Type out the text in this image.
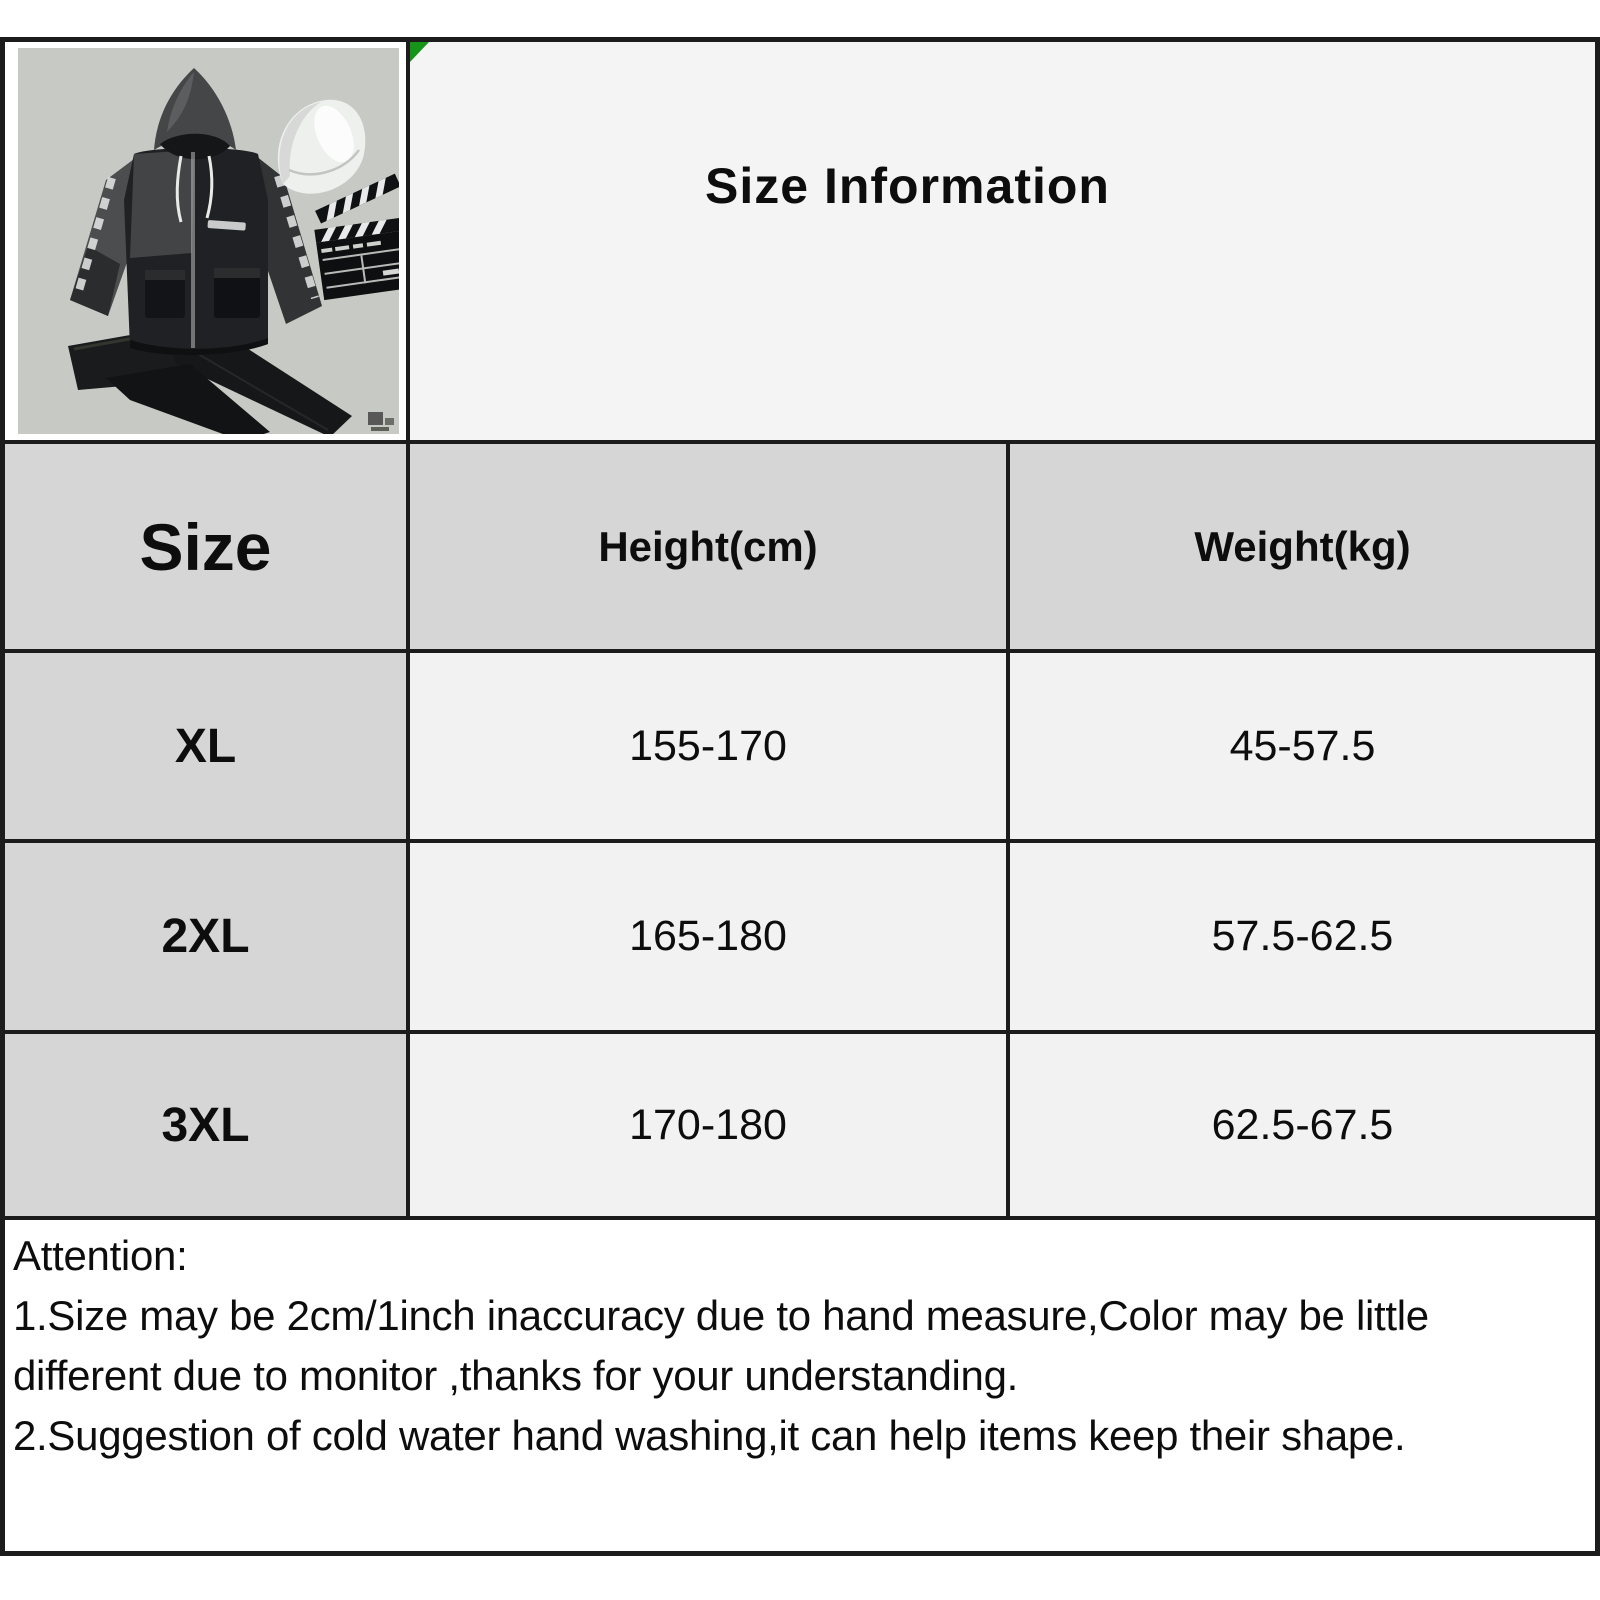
Size Information
Size	Height(cm)	Weight(kg)
XL	155-170	45-57.5
2XL	165-180	57.5-62.5
3XL	170-180	62.5-67.5

Attention:

1.Size may be 2cm/1inch inaccuracy due to hand measure,Color may be little different due to monitor ,thanks for your understanding.

2.Suggestion of cold water hand washing,it can help items keep their shape.
